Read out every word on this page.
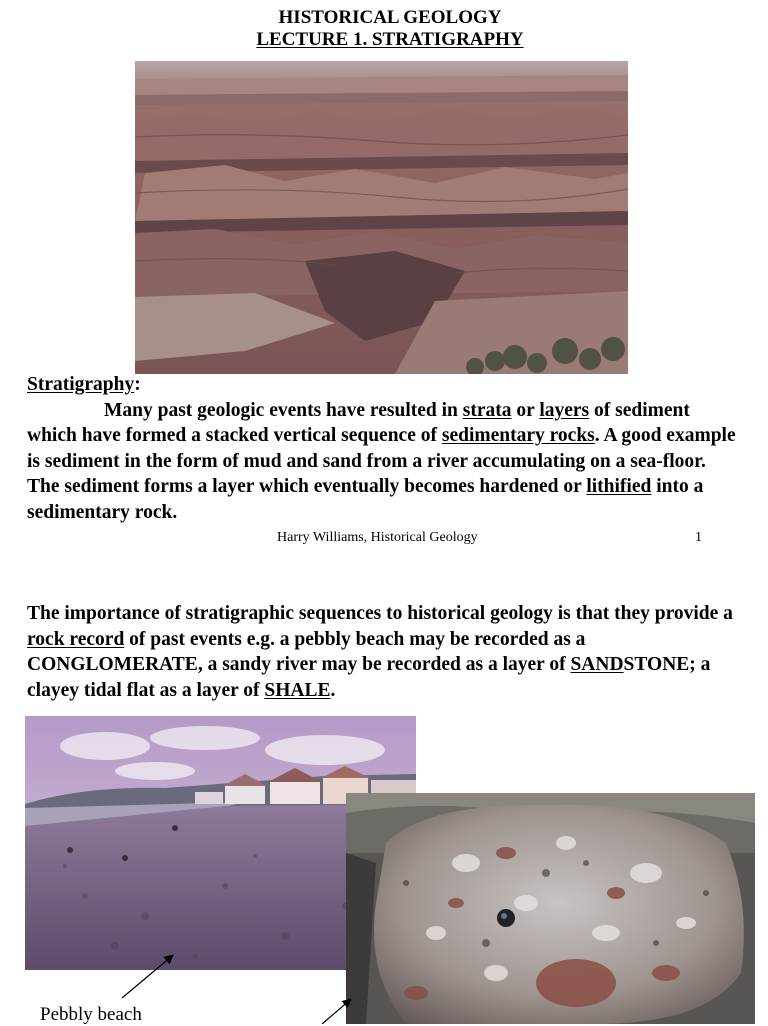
HISTORICAL GEOLOGY
LECTURE 1. STRATIGRAPHY
Stratigraphy:
Many past geologic events have resulted in strata or layers of sediment which have formed a stacked vertical sequence of sedimentary rocks. A good example is sediment in the form of mud and sand from a river accumulating on a sea-floor. The sediment forms a layer which eventually becomes hardened or lithified into a sedimentary rock.
Harry Williams, Historical Geology	1
The importance of stratigraphic sequences to historical geology is that they provide a rock record of past events e.g. a pebbly beach may be recorded as a CONGLOMERATE, a sandy river may be recorded as a layer of SANDSTONE; a clayey tidal flat as a layer of SHALE.
Pebbly beach
